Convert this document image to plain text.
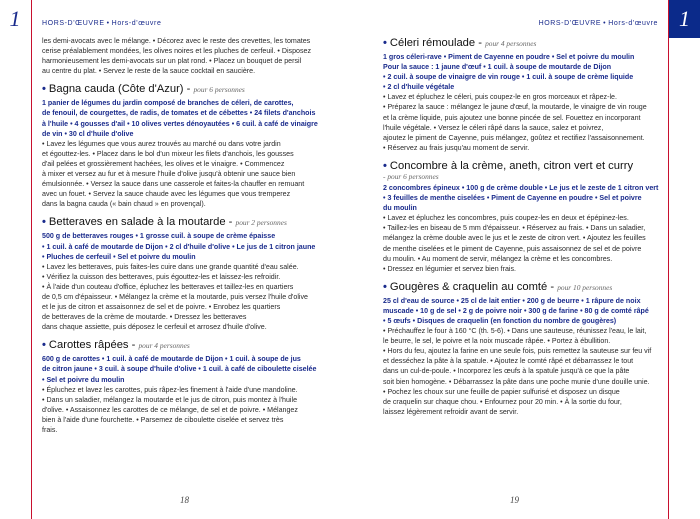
1	HORS-D'ŒUVRE • Hors-d'œuvre

les demi-avocats avec le mélange. • Décorez avec le reste des crevettes, les tomates

cerise préalablement mondées, les olives noires et les pluches de cerfeuil. • Disposez

harmonieusement les demi-avocats sur un plat rond. • Placez un bouquet de persil

au centre du plat. • Servez le reste de la sauce cocktail en saucière.

• Bagna cauda (Côte d'Azur) - pour 6 personnes

1 panier de légumes du jardin composé de branches de céleri, de carottes,

de fenouil, de courgettes, de radis, de tomates et de cébettes • 24 filets d'anchois

à l'huile • 4 gousses d'ail • 10 olives vertes dénoyautées • 6 cuil. à café de vinaigre

de vin • 30 cl d'huile d'olive

• Lavez les légumes que vous aurez trouvés au marché ou dans votre jardin

et égouttez-les. • Placez dans le bol d'un mixeur les filets d'anchois, les gousses

d'ail pelées et grossièrement hachées, les olives et le vinaigre. • Commencez

à mixer et versez au fur et à mesure l'huile d'olive jusqu'à obtenir une sauce bien

émulsionnée. • Versez la sauce dans une casserole et faites-la chauffer en remuant

avec un fouet. • Servez la sauce chaude avec les légumes que vous tremperez

dans la bagna cauda (« bain chaud » en provençal).

• Betteraves en salade à la moutarde - pour 2 personnes

500 g de betteraves rouges • 1 grosse cuil. à soupe de crème épaisse

• 1 cuil. à café de moutarde de Dijon • 2 cl d'huile d'olive • Le jus de 1 citron jaune

• Pluches de cerfeuil • Sel et poivre du moulin

• Lavez les betteraves, puis faites-les cuire dans une grande quantité d'eau salée.

• Vérifiez la cuisson des betteraves, puis égouttez-les et laissez-les refroidir.

• À l'aide d'un couteau d'office, épluchez les betteraves et taillez-les en quartiers

de 0,5 cm d'épaisseur. • Mélangez la crème et la moutarde, puis versez l'huile d'olive

et le jus de citron et assaisonnez de sel et de poivre. • Enrobez les quartiers

de betteraves de la crème de moutarde. • Dressez les betteraves

dans chaque assiette, puis déposez le cerfeuil et arrosez d'huile d'olive.

• Carottes râpées - pour 4 personnes

600 g de carottes • 1 cuil. à café de moutarde de Dijon • 1 cuil. à soupe de jus

de citron jaune • 3 cuil. à soupe d'huile d'olive • 1 cuil. à café de ciboulette ciselée

• Sel et poivre du moulin

• Épluchez et lavez les carottes, puis râpez-les finement à l'aide d'une mandoline.

• Dans un saladier, mélangez la moutarde et le jus de citron, puis montez à l'huile

d'olive. • Assaisonnez les carottes de ce mélange, de sel et de poivre. • Mélangez

bien à l'aide d'une fourchette. • Parsemez de ciboulette ciselée et servez très

frais.

18
1
HORS-D'ŒUVRE • Hors-d'œuvre
• Céleri rémoulade - pour 4 personnes

1 gros céleri-rave • Piment de Cayenne en poudre • Sel et poivre du moulin

Pour la sauce : 1 jaune d'œuf • 1 cuil. à soupe de moutarde de Dijon

• 2 cuil. à soupe de vinaigre de vin rouge • 1 cuil. à soupe de crème liquide

• 2 cl d'huile végétale

• Lavez et épluchez le céleri, puis coupez-le en gros morceaux et râpez-le.

• Préparez la sauce : mélangez le jaune d'œuf, la moutarde, le vinaigre de vin rouge

et la crème liquide, puis ajoutez une bonne pincée de sel. Fouettez en incorporant

l'huile végétale. • Versez le céleri râpé dans la sauce, salez et poivrez,

ajoutez le piment de Cayenne, puis mélangez, goûtez et rectifiez l'assaisonnement.

• Réservez au frais jusqu'au moment de servir.

• Concombre à la crème, aneth, citron vert et curry
- pour 6 personnes

2 concombres épineux • 100 g de crème double • Le jus et le zeste de 1 citron vert

• 3 feuilles de menthe ciselées • Piment de Cayenne en poudre • Sel et poivre

du moulin

• Lavez et épluchez les concombres, puis coupez-les en deux et épépinez-les.

• Taillez-les en biseau de 5 mm d'épaisseur. • Réservez au frais. • Dans un saladier,

mélangez la crème double avec le jus et le zeste de citron vert. • Ajoutez les feuilles

de menthe ciselées et le piment de Cayenne, puis assaisonnez de sel et de poivre

du moulin. • Au moment de servir, mélangez la crème et les concombres.

• Dressez en légumier et servez bien frais.

• Gougères & craquelin au comté - pour 10 personnes

25 cl d'eau de source • 25 cl de lait entier • 200 g de beurre • 1 râpure de noix

muscade • 10 g de sel • 2 g de poivre noir • 300 g de farine • 80 g de comté râpé

• 5 œufs • Disques de craquelin (en fonction du nombre de gougères)

• Préchauffez le four à 160 °C (th. 5-6). • Dans une sauteuse, réunissez l'eau, le lait,

le beurre, le sel, le poivre et la noix muscade râpée. • Portez à ébullition.

• Hors du feu, ajoutez la farine en une seule fois, puis remettez la sauteuse sur feu vif

et desséchez la pâte à la spatule. • Ajoutez le comté râpé et débarrassez le tout

dans un cul-de-poule. • Incorporez les œufs à la spatule jusqu'à ce que la pâte

soit bien homogène. • Débarrassez la pâte dans une poche munie d'une douille unie.

• Pochez les choux sur une feuille de papier sulfurisé et disposez un disque

de craquelin sur chaque chou. • Enfournez pour 20 min. • À la sortie du four,

laissez légèrement refroidir avant de servir.

19
